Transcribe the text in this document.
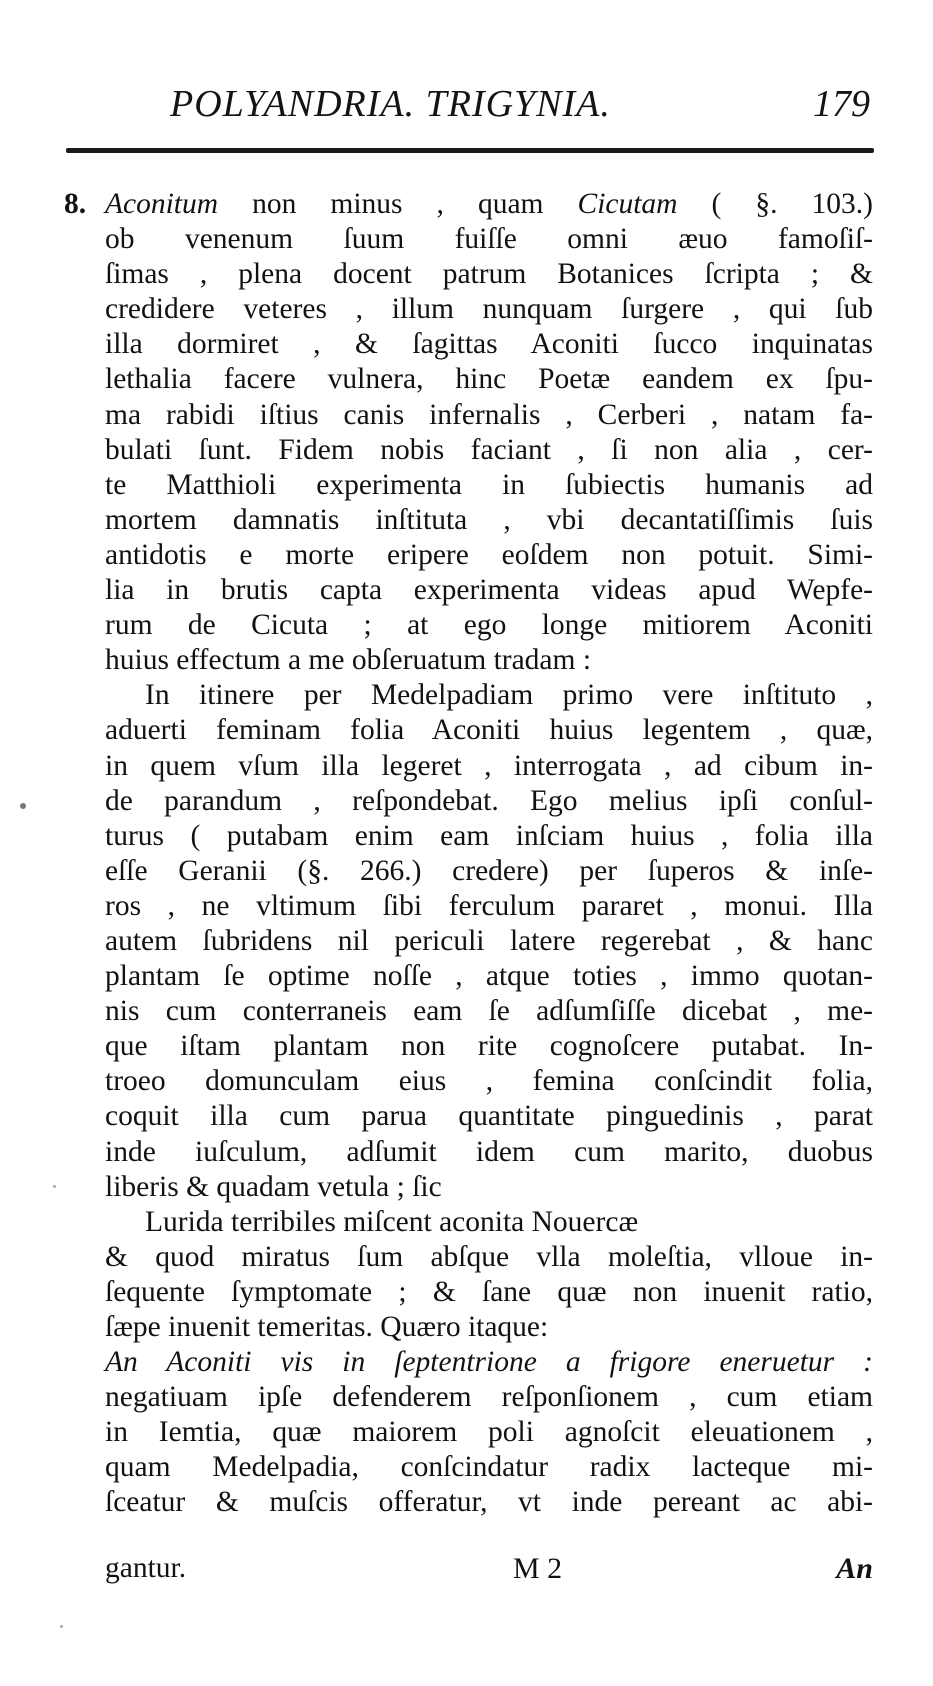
POLYANDRIA. TRIGYNIA.	179
8. Aconitum non minus , quam Cicutam ( §. 103.)
ob venenum ſuum fuiſſe omni æuo famoſiſ-
ſimas , plena docent patrum Botanices ſcripta ; &
credidere veteres , illum nunquam ſurgere , qui ſub
illa dormiret , & ſagittas Aconiti ſucco inquinatas
lethalia facere vulnera, hinc Poetæ eandem ex ſpu-
ma rabidi iſtius canis infernalis , Cerberi , natam fa-
bulati ſunt. Fidem nobis faciant , ſi non alia , cer-
te Matthioli experimenta in ſubiectis humanis ad
mortem damnatis inſtituta , vbi decantatiſſimis ſuis
antidotis e morte eripere eoſdem non potuit. Simi-
lia in brutis capta experimenta videas apud Wepfe-
rum de Cicuta ; at ego longe mitiorem Aconiti
huius effectum a me obſeruatum tradam :
In itinere per Medelpadiam primo vere inſtituto ,
aduerti feminam folia Aconiti huius legentem , quæ,
in quem vſum illa legeret , interrogata , ad cibum in-
de parandum , reſpondebat. Ego melius ipſi conſul-
turus ( putabam enim eam inſciam huius , folia illa
eſſe Geranii (§. 266.) credere) per ſuperos & inſe-
ros , ne vltimum ſibi ferculum pararet , monui. Illa
autem ſubridens nil periculi latere regerebat , & hanc
plantam ſe optime noſſe , atque toties , immo quotan-
nis cum conterraneis eam ſe adſumſiſſe dicebat , me-
que iſtam plantam non rite cognoſcere putabat. In-
troeo domunculam eius , femina conſcindit folia,
coquit illa cum parua quantitate pinguedinis , parat
inde iuſculum, adſumit idem cum marito, duobus
liberis & quadam vetula ; ſic
Lurida terribiles miſcent aconita Nouercæ
& quod miratus ſum abſque vlla moleſtia, vlloue in-
ſequente ſymptomate ; & ſane quæ non inuenit ratio,
ſæpe inuenit temeritas. Quæro itaque:
An Aconiti vis in ſeptentrione a frigore eneruetur :
negatiuam ipſe defenderem reſponſionem , cum etiam
in Iemtia, quæ maiorem poli agnoſcit eleuationem ,
quam Medelpadia, conſcindatur radix lacteque mi-
ſceatur & muſcis offeratur, vt inde pereant ac abi-
gantur.	M 2	An
